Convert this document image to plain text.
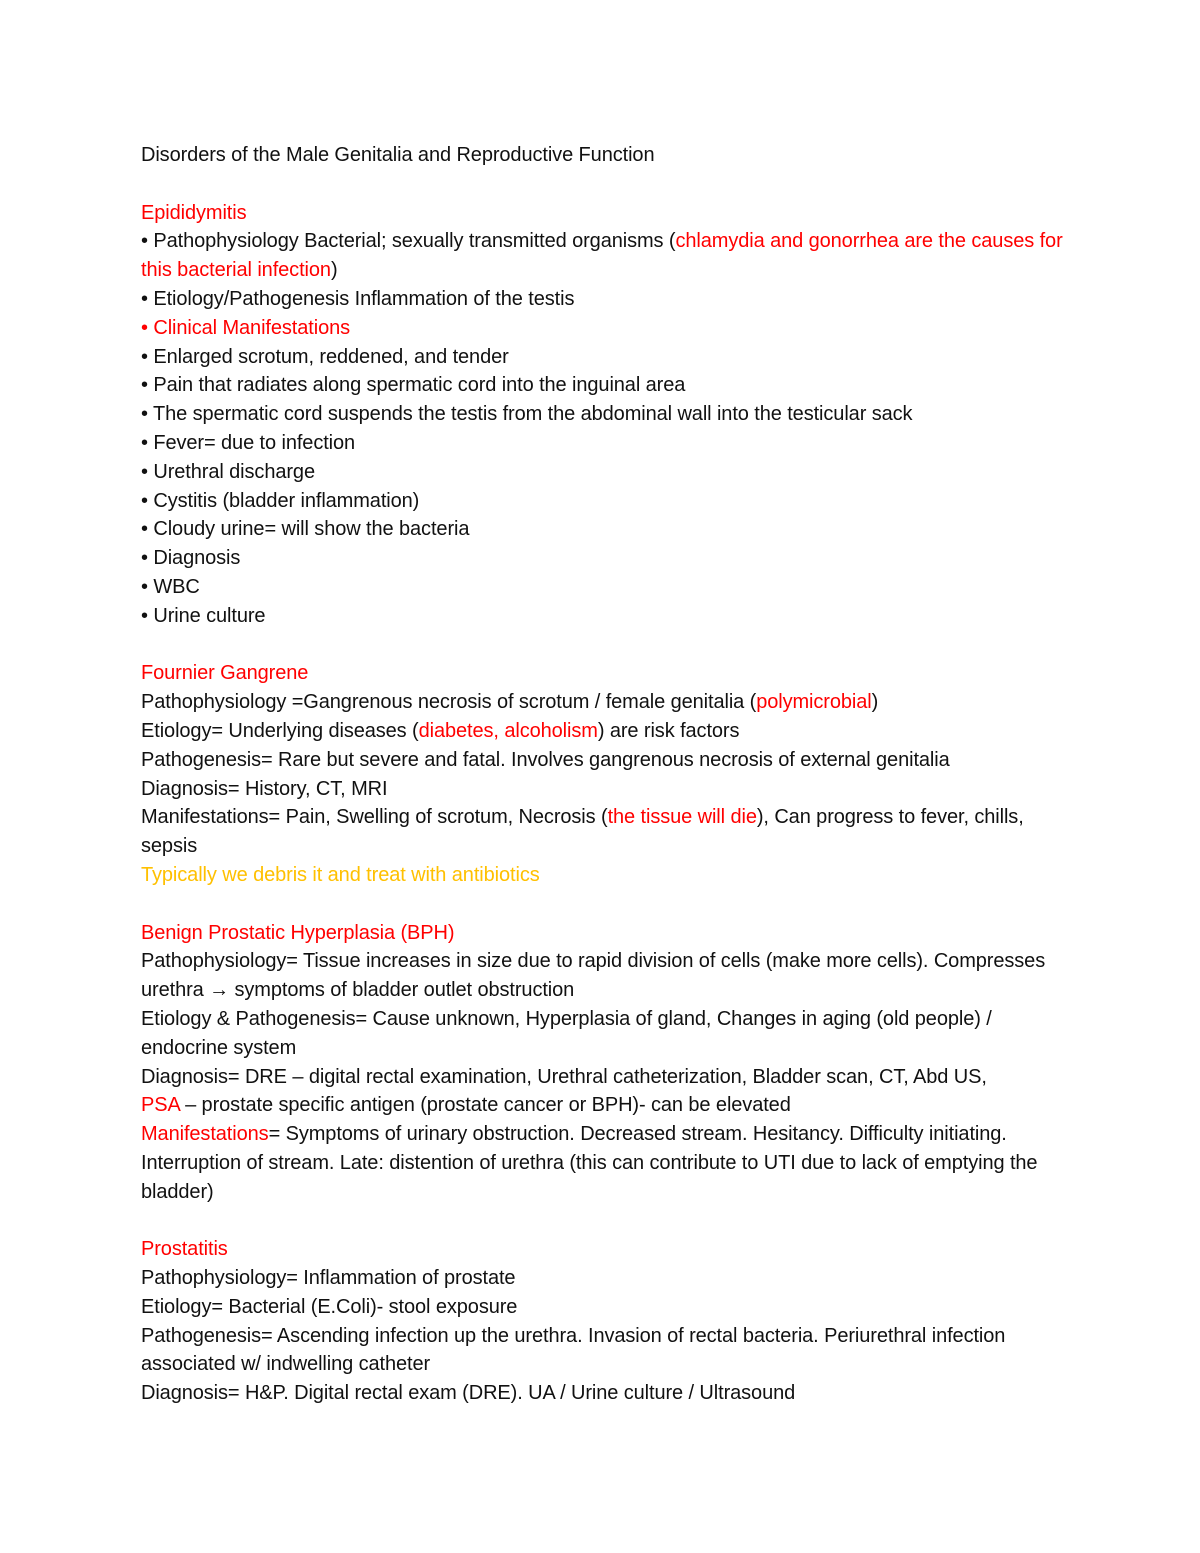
Disorders of the Male Genitalia and Reproductive Function
Epididymitis
• Pathophysiology Bacterial; sexually transmitted organisms (chlamydia and gonorrhea are the causes for this bacterial infection)
• Etiology/Pathogenesis Inflammation of the testis
• Clinical Manifestations
• Enlarged scrotum, reddened, and tender
• Pain that radiates along spermatic cord into the inguinal area
• The spermatic cord suspends the testis from the abdominal wall into the testicular sack
• Fever= due to infection
• Urethral discharge
• Cystitis (bladder inflammation)
• Cloudy urine= will show the bacteria
• Diagnosis
• WBC
• Urine culture
Fournier Gangrene
Pathophysiology =Gangrenous necrosis of scrotum / female genitalia (polymicrobial)
Etiology= Underlying diseases (diabetes, alcoholism) are risk factors
Pathogenesis= Rare but severe and fatal. Involves gangrenous necrosis of external genitalia
Diagnosis= History, CT, MRI
Manifestations= Pain, Swelling of scrotum, Necrosis (the tissue will die), Can progress to fever, chills, sepsis
Typically we debris it and treat with antibiotics
Benign Prostatic Hyperplasia (BPH)
Pathophysiology= Tissue increases in size due to rapid division of cells (make more cells). Compresses urethra → symptoms of bladder outlet obstruction
Etiology & Pathogenesis= Cause unknown, Hyperplasia of gland, Changes in aging (old people) / endocrine system
Diagnosis= DRE – digital rectal examination, Urethral catheterization, Bladder scan, CT, Abd US,
PSA – prostate specific antigen (prostate cancer or BPH)- can be elevated
Manifestations= Symptoms of urinary obstruction. Decreased stream. Hesitancy. Difficulty initiating. Interruption of stream. Late: distention of urethra (this can contribute to UTI due to lack of emptying the bladder)
Prostatitis
Pathophysiology= Inflammation of prostate
Etiology= Bacterial (E.Coli)- stool exposure
Pathogenesis= Ascending infection up the urethra. Invasion of rectal bacteria. Periurethral infection associated w/ indwelling catheter
Diagnosis= H&P. Digital rectal exam (DRE). UA / Urine culture / Ultrasound
